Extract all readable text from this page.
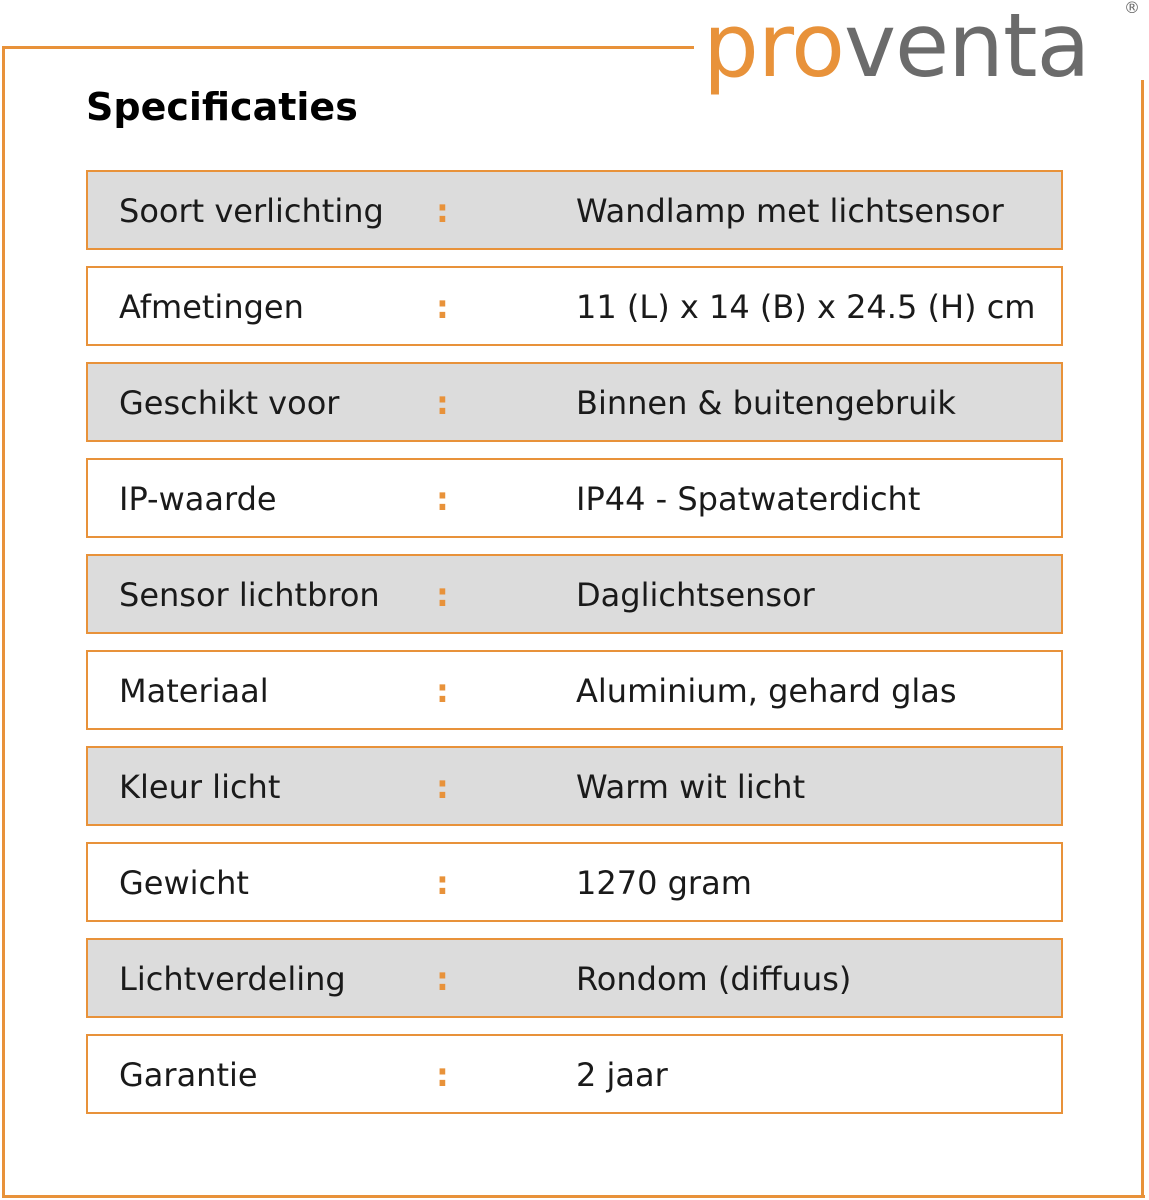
proventa ®
Specificaties
Soort verlichting :	Wandlamp met lichtsensor
Afmetingen	:	11 (L) x 14 (B) x 24.5 (H) cm
Geschikt voor	:	Binnen & buitengebruik
IP-waarde	:	IP44 - Spatwaterdicht
Sensor lichtbron :	Daglichtsensor
Materiaal	:	Aluminium, gehard glas
Kleur licht	:	Warm wit licht
Gewicht	:	1270 gram
Lichtverdeling	:	Rondom (diffuus)
Garantie	:	2 jaar
